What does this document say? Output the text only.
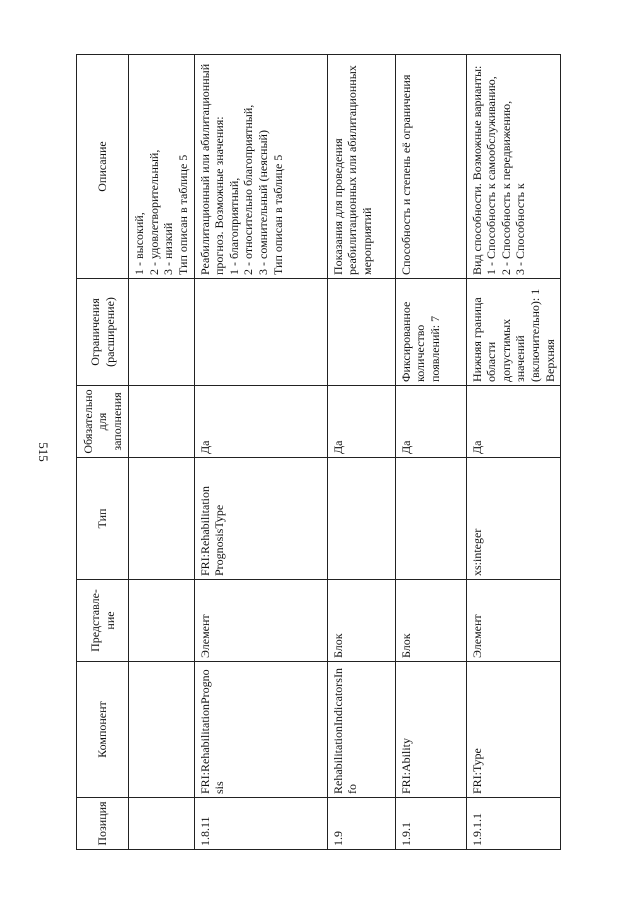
515
Позиция	Компонент	Представле-ние	Тип	Обязательно для заполнения	Ограничения (расширение)	Описание

						1 - высокий,
2 - удовлетворительный,
3 - низкий
Тип описан в таблице 5

1.8.11	FRI:RehabilitationPrognosis	Элемент	FRI:Rehabilitation PrognosisType	Да		Реабилитационный или абилитационный прогноз. Возможные значения:
1 - благоприятный,
2 - относительно благоприятный,
3 - сомнительный (неясный)
Тип описан в таблице 5

1.9	RehabilitationIndicatorsInfo	Блок		Да		Показания для проведения реабилитационных или абилитационных мероприятий

1.9.1	FRI:Ability	Блок		Да	Фиксированное количество появлений: 7	Способность и степень её ограничения

1.9.1.1	FRI:Type	Элемент	xs:integer	Да	Нижняя граница области допустимых значений (включительно): 1
Верхняя	Вид способности. Возможные варианты:
1 - Способность к самообслуживанию,
2 - Способность к передвижению,
3 - Способность к
